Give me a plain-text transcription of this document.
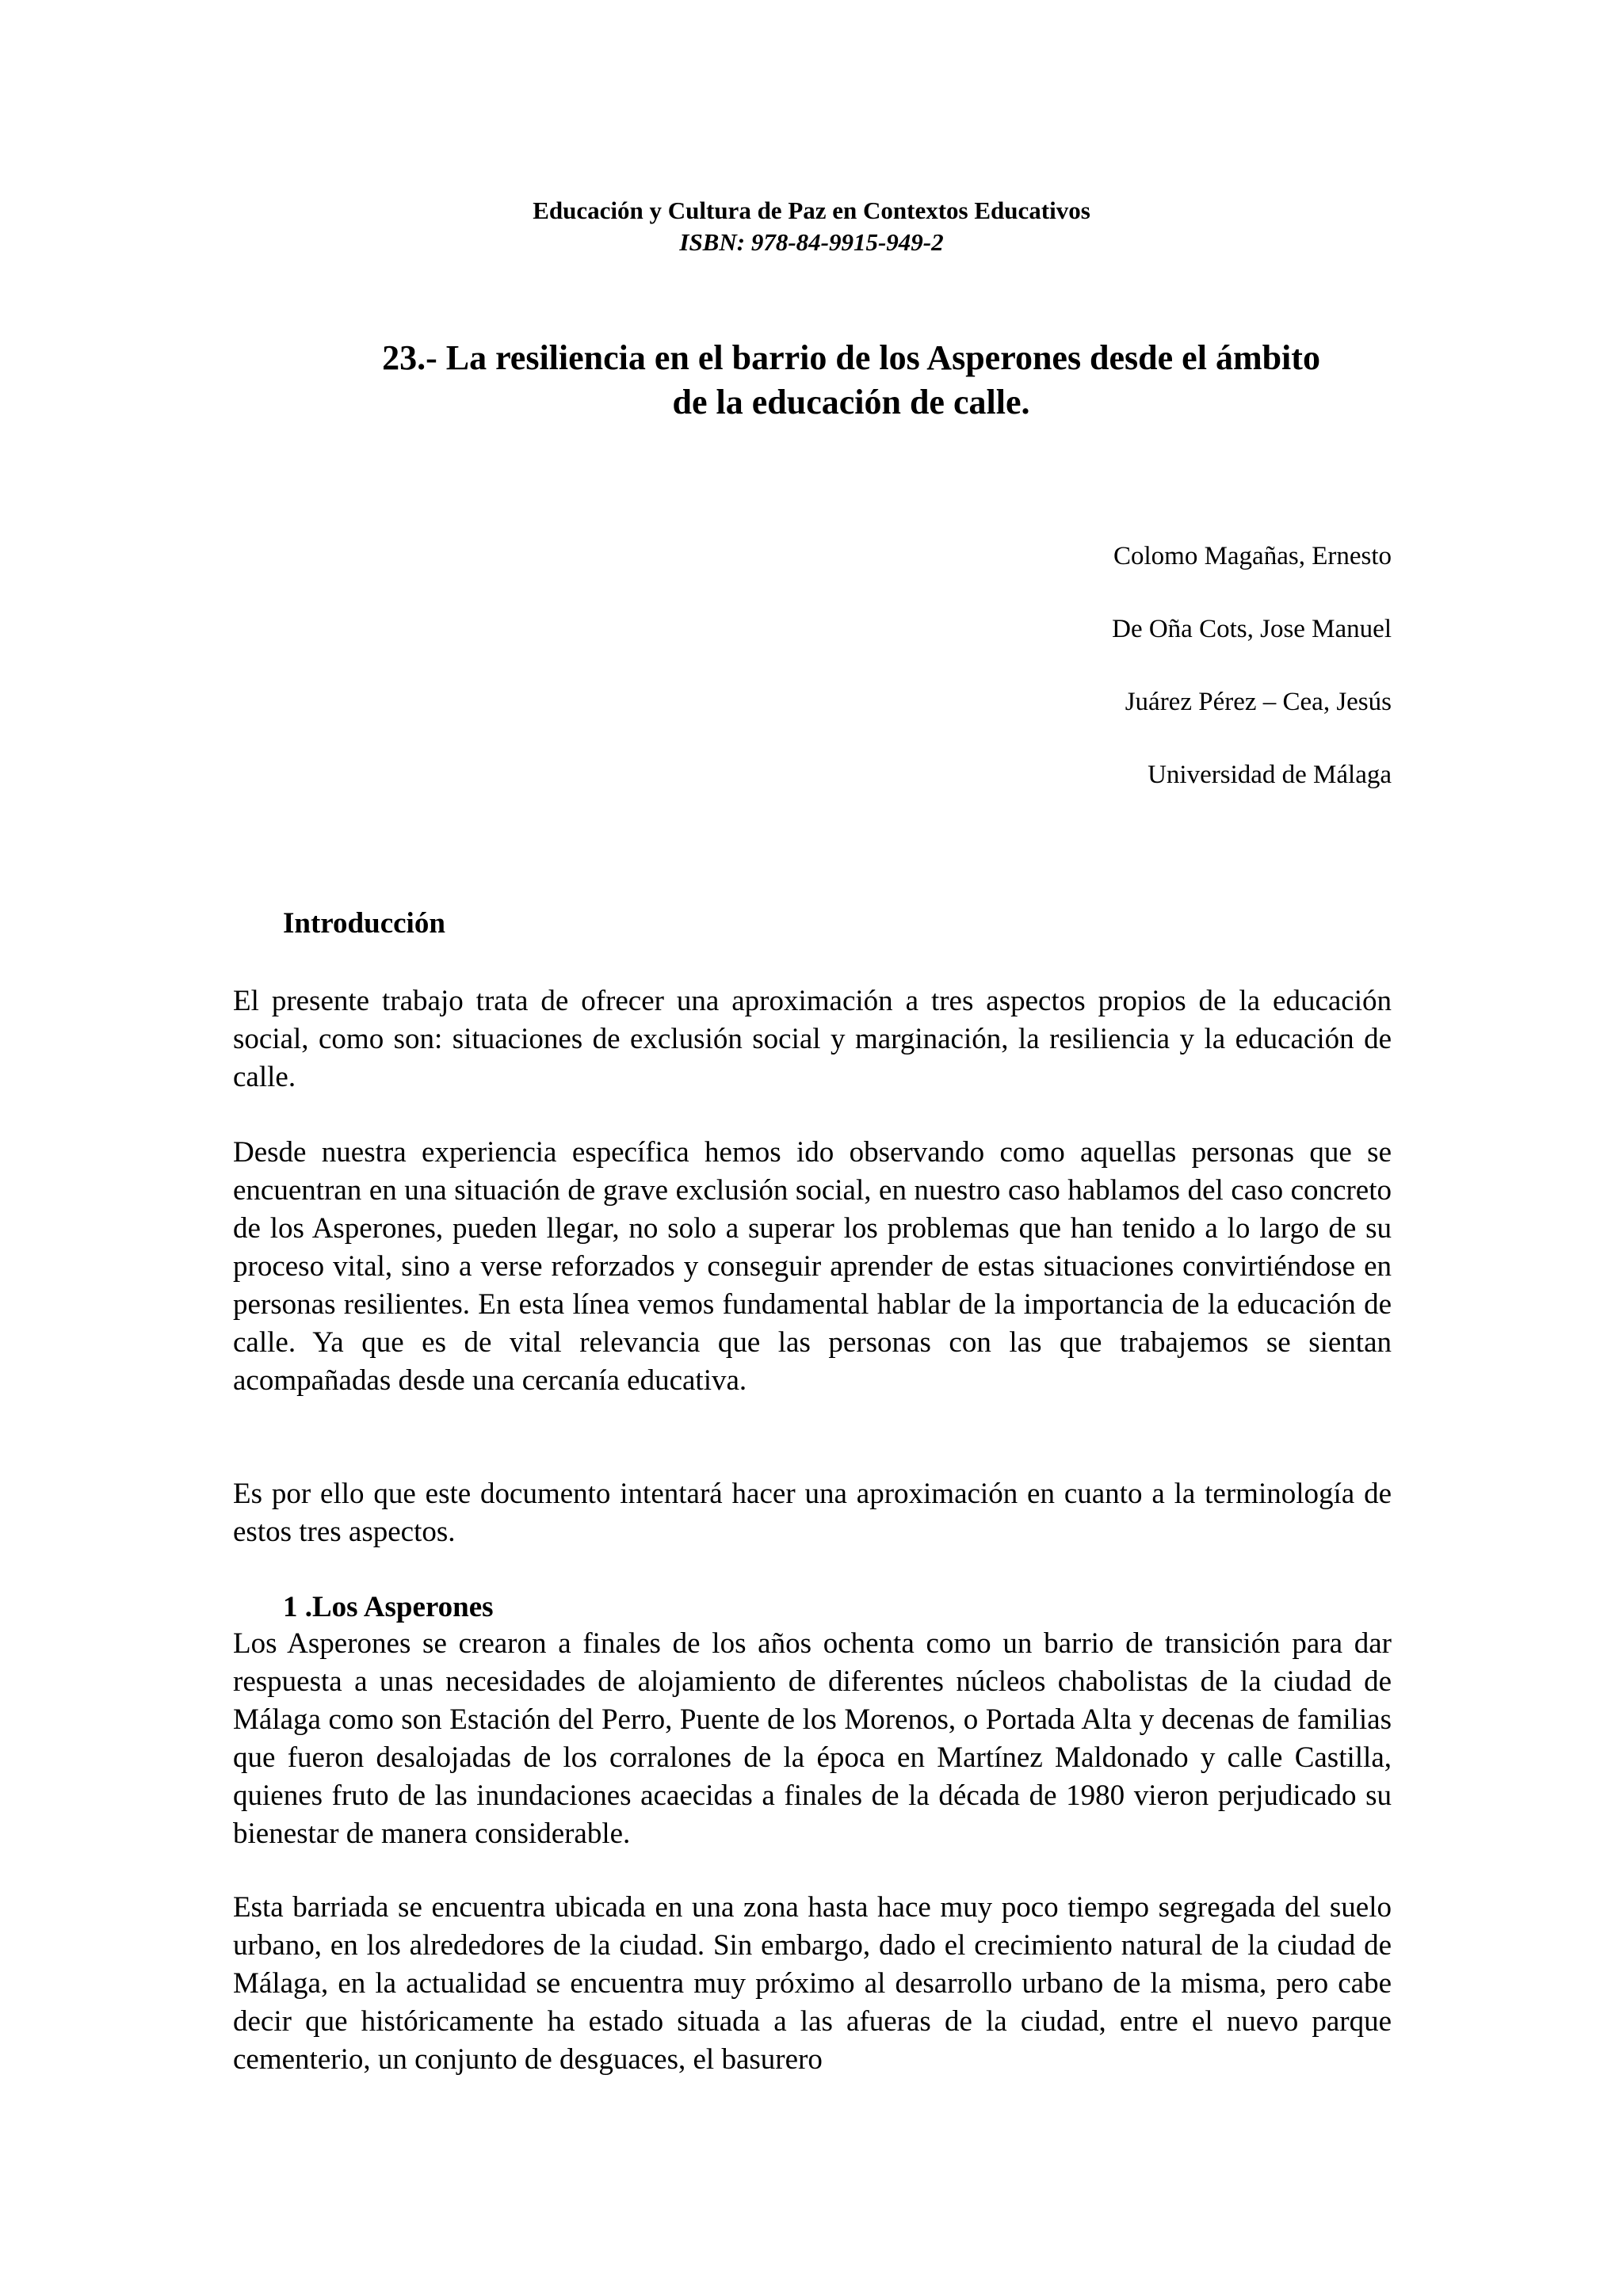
Educación y Cultura de Paz en Contextos Educativos
ISBN: 978-84-9915-949-2
23.- La resiliencia en el barrio de los Asperones desde el ámbito
de la educación de calle.
Colomo Magañas, Ernesto
De Oña Cots, Jose Manuel
Juárez Pérez – Cea, Jesús
Universidad de Málaga
Introducción

El presente trabajo trata de ofrecer una aproximación a tres aspectos propios de la educación social, como son: situaciones de exclusión social y marginación, la resiliencia y la educación de calle.

Desde nuestra experiencia específica hemos ido observando como aquellas personas que se encuentran en una situación de grave exclusión social, en nuestro caso hablamos del caso concreto de los Asperones, pueden llegar, no solo a superar los problemas que han tenido a lo largo de su proceso vital, sino a verse reforzados y conseguir aprender de estas situaciones convirtiéndose en personas resilientes. En esta línea vemos fundamental hablar de la importancia de la educación de calle. Ya que es de vital relevancia que las personas con las que trabajemos se sientan acompañadas desde una cercanía educativa.

Es por ello que este documento intentará hacer una aproximación en cuanto a la terminología de estos tres aspectos.

1 .Los Asperones

Los Asperones se crearon a finales de los años ochenta como un barrio de transición para dar respuesta a unas necesidades de alojamiento de diferentes núcleos chabolistas de la ciudad de Málaga como son Estación del Perro, Puente de los Morenos, o Portada Alta y decenas de familias que fueron desalojadas de los corralones de la época en Martínez Maldonado y calle Castilla, quienes fruto de las inundaciones acaecidas a finales de la década de 1980 vieron perjudicado su bienestar de manera considerable.

Esta barriada se encuentra ubicada en una zona hasta hace muy poco tiempo segregada del suelo urbano, en los alrededores de la ciudad. Sin embargo, dado el crecimiento natural de la ciudad de Málaga, en la actualidad se encuentra muy próximo al desarrollo urbano de la misma, pero cabe decir que históricamente ha estado situada a las afueras de la ciudad, entre el nuevo parque cementerio, un conjunto de desguaces, el basurero
